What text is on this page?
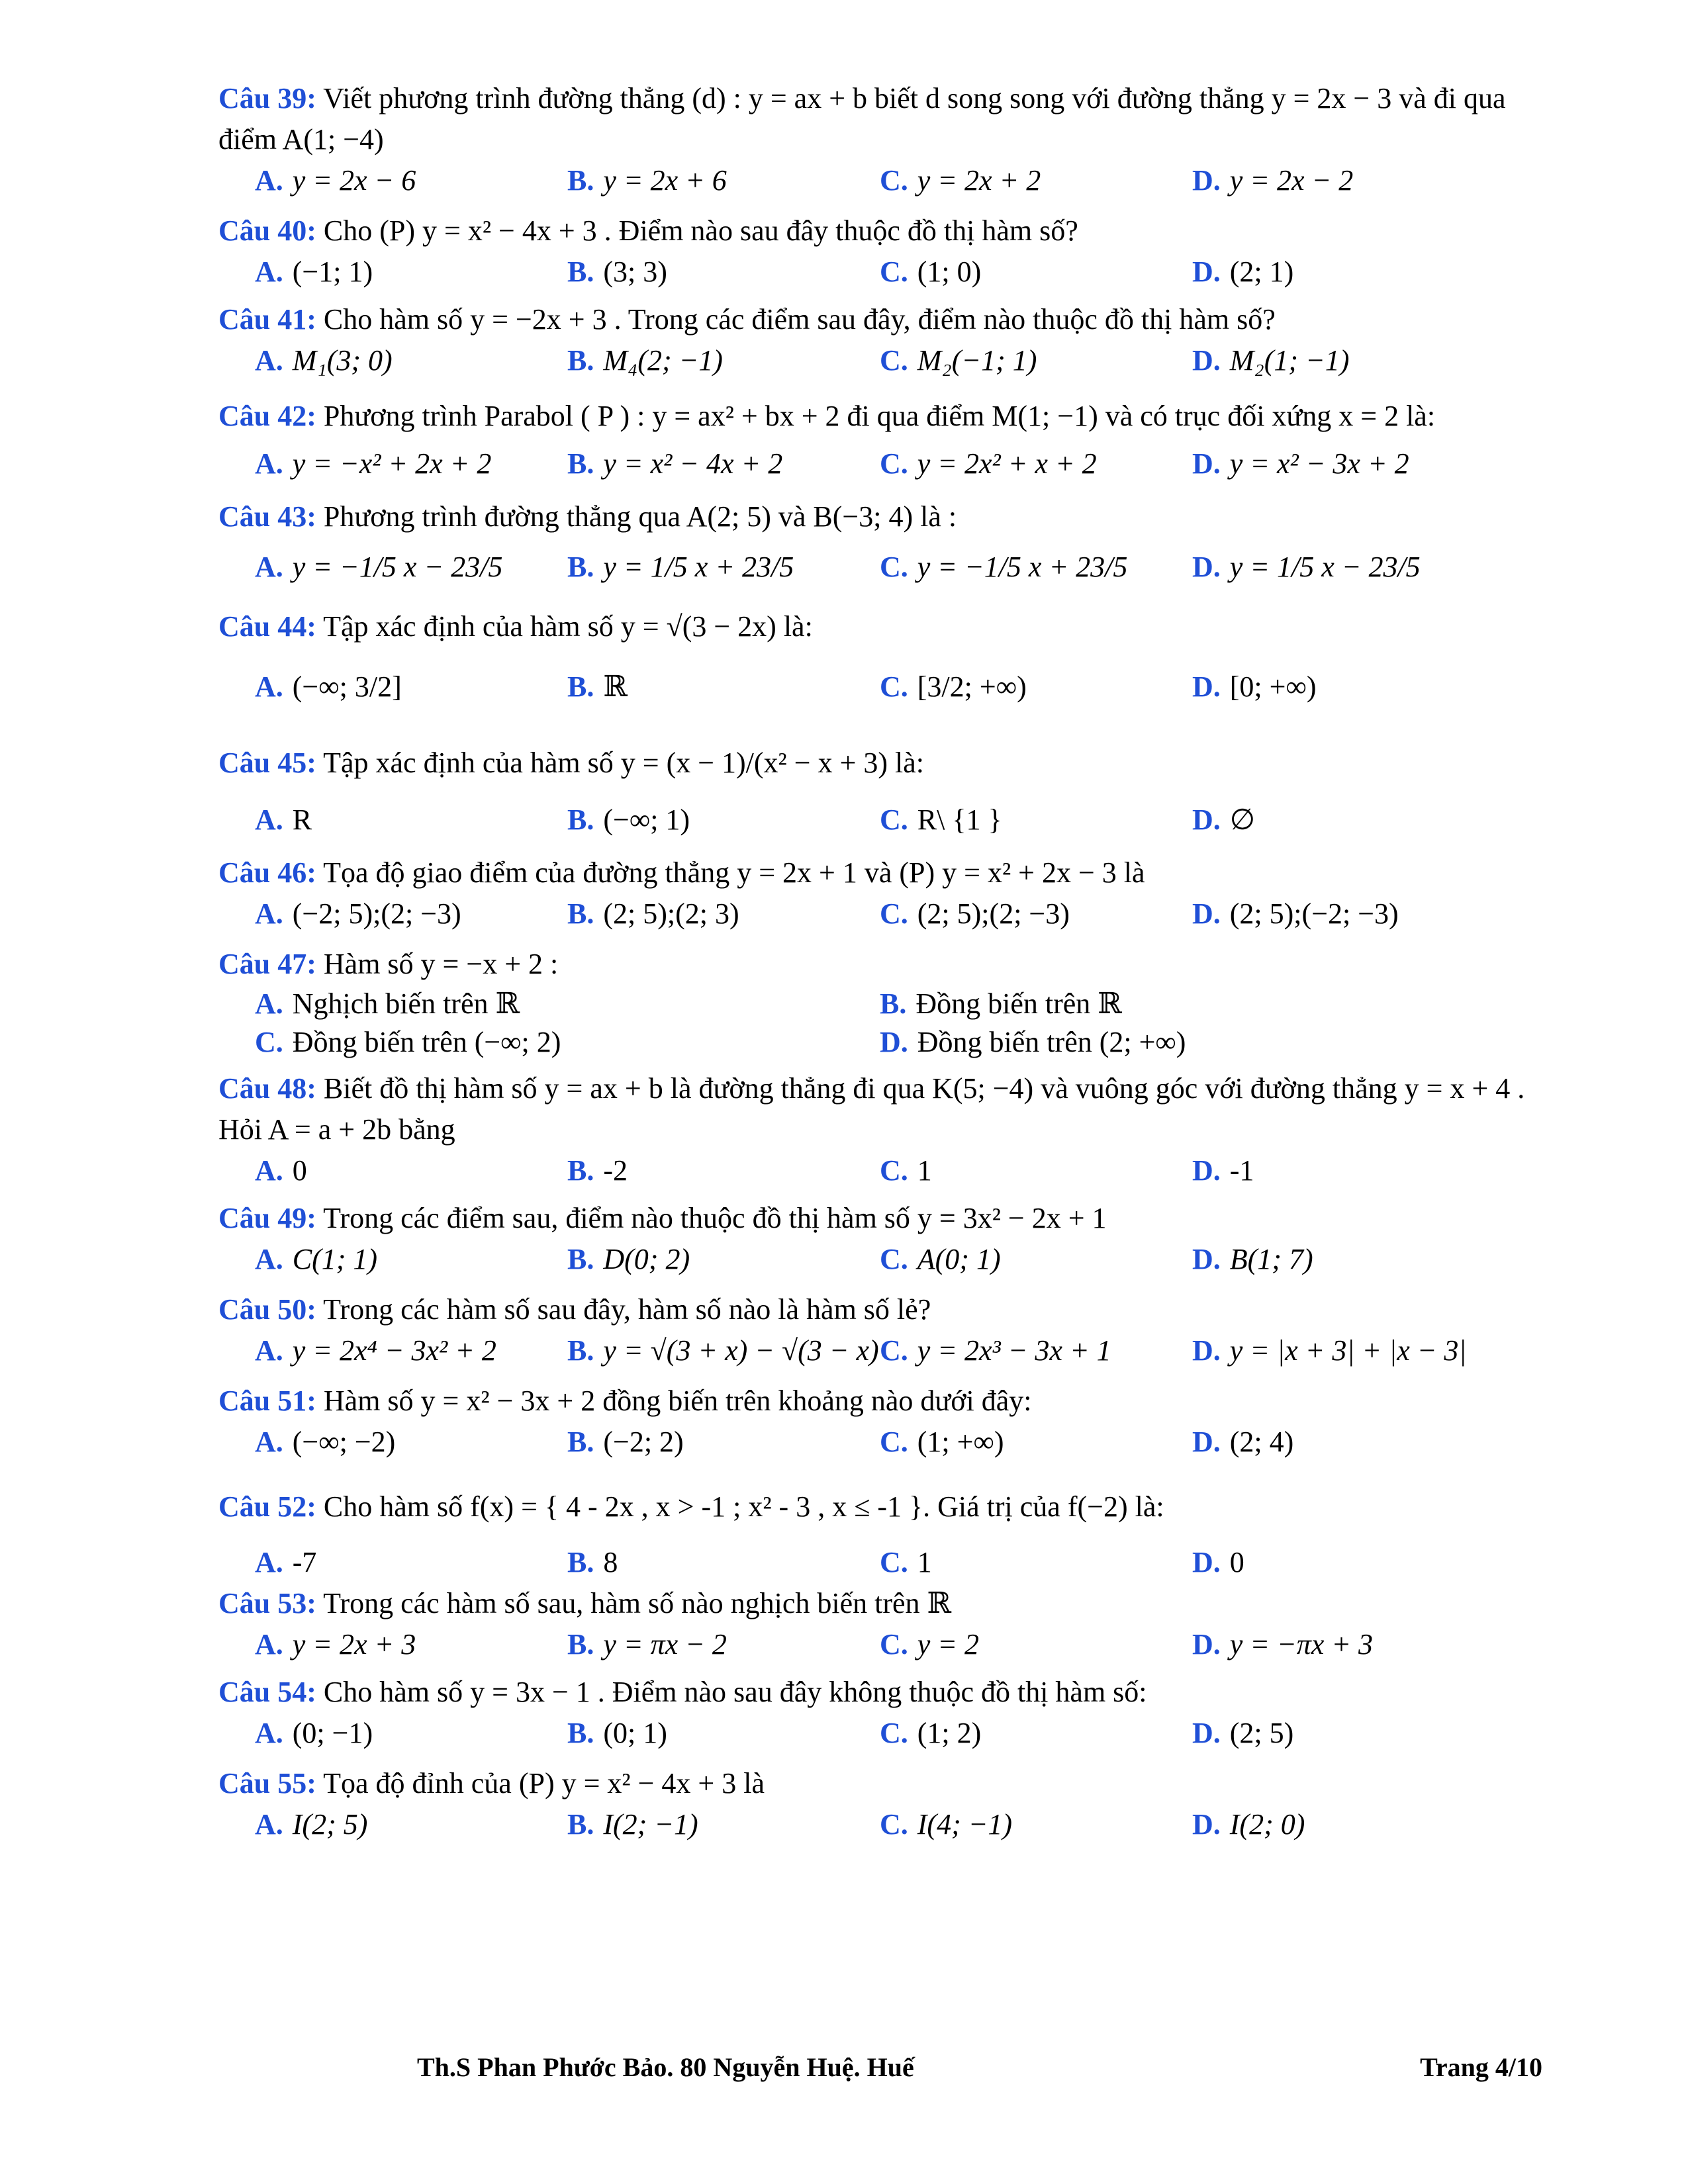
Câu 39: Viết phương trình đường thẳng (d) : y = ax + b biết d song song với đường thẳng y = 2x − 3 và đi qua điểm A(1; −4)
A. y = 2x − 6	B. y = 2x + 6	C. y = 2x + 2	D. y = 2x − 2
Câu 40: Cho (P) y = x² − 4x + 3 . Điểm nào sau đây thuộc đồ thị hàm số?
A. (−1; 1)	B. (3; 3)	C. (1; 0)	D. (2; 1)
Câu 41: Cho hàm số y = −2x + 3 . Trong các điểm sau đây, điểm nào thuộc đồ thị hàm số?
A. M₁(3; 0)	B. M₄(2; −1)	C. M₂(−1; 1)	D. M₂(1; −1)
Câu 42: Phương trình Parabol ( P ) : y = ax² + bx + 2 đi qua điểm M(1; −1) và có trục đối xứng x = 2 là:
A. y = −x² + 2x + 2	B. y = x² − 4x + 2	C. y = 2x² + x + 2	D. y = x² − 3x + 2
Câu 43: Phương trình đường thẳng qua A(2; 5) và B(−3; 4) là :
A. y = −1/5 x − 23/5 B. y = 1/5 x + 23/5	C. y = −1/5 x + 23/5 D. y = 1/5 x − 23/5
Câu 44: Tập xác định của hàm số y = √(3 − 2x) là:
A. (−∞; 3/2]	B. ℝ	C. [3/2; +∞)	D. [0; +∞)
Câu 45: Tập xác định của hàm số y = (x − 1)/(x² − x + 3) là:
A. R	B. (−∞; 1)	C. R\ {1 }	D. ∅
Câu 46: Tọa độ giao điểm của đường thẳng y = 2x + 1 và (P) y = x² + 2x − 3 là
A. (−2; 5);(2; −3)	B. (2; 5);(2; 3)	C. (2; 5);(2; −3)	D. (2; 5);(−2; −3)
Câu 47: Hàm số y = −x + 2 :
A. Nghịch biến trên ℝ	B. Đồng biến trên ℝ
C. Đồng biến trên (−∞; 2)	D. Đồng biến trên (2; +∞)
Câu 48: Biết đồ thị hàm số y = ax + b là đường thẳng đi qua K(5; −4) và vuông góc với đường thẳng y = x + 4 . Hỏi A = a + 2b bằng
A. 0	B. -2	C. 1	D. -1
Câu 49: Trong các điểm sau, điểm nào thuộc đồ thị hàm số y = 3x² − 2x + 1
A. C(1; 1)	B. D(0; 2)	C. A(0; 1)	D. B(1; 7)
Câu 50: Trong các hàm số sau đây, hàm số nào là hàm số lẻ?
A. y = 2x⁴ − 3x² + 2 B. y = √(3 + x) − √(3 − x) C. y = 2x³ − 3x + 1	D. y = |x + 3| + |x − 3|
Câu 51: Hàm số y = x² − 3x + 2 đồng biến trên khoảng nào dưới đây:
A. (−∞; −2)	B. (−2; 2)	C. (1; +∞)	D. (2; 4)
Câu 52: Cho hàm số f(x) = { 4 - 2x , x > -1 ; x² - 3 , x ≤ -1 }. Giá trị của f(−2) là:
A. -7	B. 8	C. 1	D. 0
Câu 53: Trong các hàm số sau, hàm số nào nghịch biến trên ℝ
A. y = 2x + 3	B. y = πx − 2	C. y = 2	D. y = −πx + 3
Câu 54: Cho hàm số y = 3x − 1 . Điểm nào sau đây không thuộc đồ thị hàm số:
A. (0; −1)	B. (0; 1)	C. (1; 2)	D. (2; 5)
Câu 55: Tọa độ đỉnh của (P) y = x² − 4x + 3 là
A. I(2; 5)	B. I(2; −1)	C. I(4; −1)	D. I(2; 0)
Th.S Phan Phước Bảo. 80 Nguyễn Huệ. Huế	Trang 4/10
